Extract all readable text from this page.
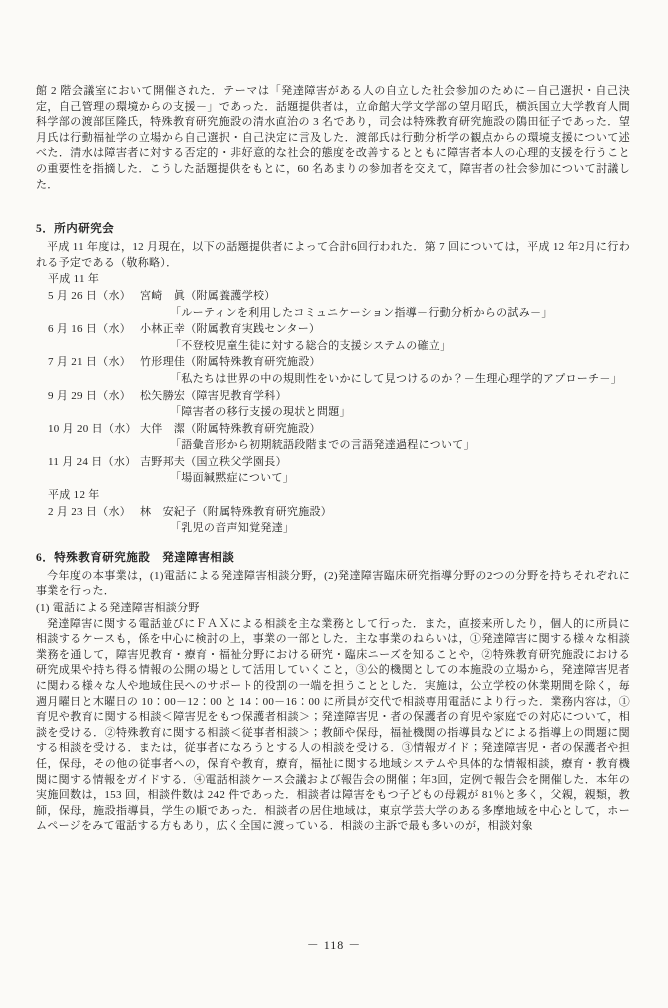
館 2 階会議室において開催された．テーマは「発達障害がある人の自立した社会参加のために－自己選択・自己決定，自己管理の環境からの支援－」であった．話題提供者は，立命館大学文学部の望月昭氏，横浜国立大学教育人間科学部の渡部匡隆氏，特殊教育研究施設の清水直治の 3 名であり，司会は特殊教育研究施設の隝田征子であった．望月氏は行動福祉学の立場から自己選択・自己決定に言及した．渡部氏は行動分析学の観点からの環境支援について述べた．清水は障害者に対する否定的・非好意的な社会的態度を改善するとともに障害者本人の心理的支援を行うことの重要性を指摘した．こうした話題提供をもとに，60 名あまりの参加者を交えて，障害者の社会参加について討議した．

5．所内研究会

平成 11 年度は，12 月現在，以下の話題提供者によって合計6回行われた．第 7 回については，平成 12 年2月に行われる予定である（敬称略）．

平成 11 年

5 月 26 日（水） 宮崎　眞（附属養護学校）

「ルーティンを利用したコミュニケーション指導－行動分析からの試み－」

6 月 16 日（水） 小林正幸（附属教育実践センター）

「不登校児童生徒に対する総合的支援システムの確立」

7 月 21 日（水） 竹形理佳（附属特殊教育研究施設）

「私たちは世界の中の規則性をいかにして見つけるのか？－生理心理学的アプローチ－」

9 月 29 日（水） 松矢勝宏（障害児教育学科）

「障害者の移行支援の現状と問題」

10 月 20 日（水） 大伴　潔（附属特殊教育研究施設）

「語彙音形から初期統語段階までの言語発達過程について」

11 月 24 日（水） 吉野邦夫（国立秩父学園長）

「場面緘黙症について」

平成 12 年

2 月 23 日（水） 林　安紀子（附属特殊教育研究施設）

「乳児の音声知覚発達」

6．特殊教育研究施設　発達障害相談

今年度の本事業は，(1)電話による発達障害相談分野，(2)発達障害臨床研究指導分野の2つの分野を持ちそれぞれに事業を行った．

(1) 電話による発達障害相談分野

発達障害に関する電話並びにＦＡＸによる相談を主な業務として行った．また，直接来所したり，個人的に所員に相談するケースも，係を中心に検討の上，事業の一部とした．主な事業のねらいは，①発達障害に関する様々な相談業務を通して，障害児教育・療育・福祉分野における研究・臨床ニーズを知ることや，②特殊教育研究施設における研究成果や持ち得る情報の公開の場として活用していくこと，③公的機関としての本施設の立場から，発達障害児者に関わる様々な人や地域住民へのサポート的役割の一端を担うこととした．実施は，公立学校の休業期間を除く，毎週月曜日と木曜日の 10：00－12：00 と 14：00－16：00 に所員が交代で相談専用電話により行った．業務内容は，①育児や教育に関する相談＜障害児をもつ保護者相談＞；発達障害児・者の保護者の育児や家庭での対応について，相談を受ける．②特殊教育に関する相談＜従事者相談＞；教師や保母，福祉機関の指導員などによる指導上の問題に関する相談を受ける．または，従事者になろうとする人の相談を受ける．③情報ガイド；発達障害児・者の保護者や担任，保母，その他の従事者への，保育や教育，療育，福祉に関する地域システムや具体的な情報相談，療育・教育機関に関する情報をガイドする．④電話相談ケース会議および報告会の開催；年3回，定例で報告会を開催した．本年の実施回数は，153 回，相談件数は 242 件であった．相談者は障害をもつ子どもの母親が 81％と多く，父親，親類，教師，保母，施設指導員，学生の順であった．相談者の居住地域は，東京学芸大学のある多摩地域を中心として，ホームページをみて電話する方もあり，広く全国に渡っている．相談の主訴で最も多いのが，相談対象

－ 118 －
